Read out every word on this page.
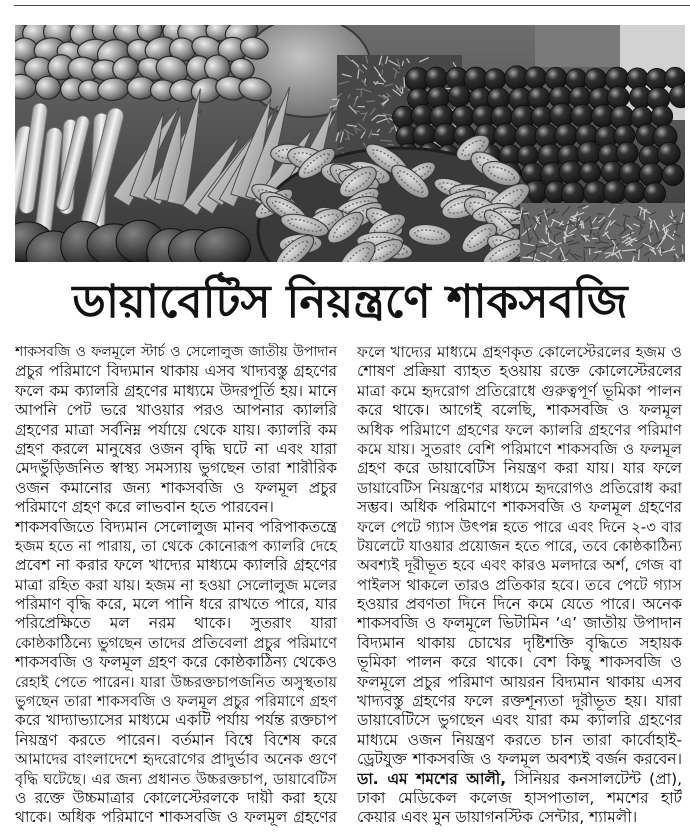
ডায়াবেটিস নিয়ন্ত্রণে শাকসবজি
শাকসবজি ও ফলমূলে স্টার্চ ও সেলোলুজ জাতীয় উপাদান
প্রচুর পরিমাণে বিদ্যমান থাকায় এসব খাদ্যবস্তু গ্রহণের
ফলে কম ক্যালরি গ্রহণের মাধ্যমে উদরপূর্তি হয়। মানে
আপনি পেট ভরে খাওয়ার পরও আপনার ক্যালরি
গ্রহণের মাত্রা সর্বনিম্ন পর্যায়ে থেকে যায়। ক্যালরি কম
গ্রহণ করলে মানুষের ওজন বৃদ্ধি ঘটে না এবং যারা
মেদভুঁড়িজনিত স্বাস্থ্য সমস্যায় ভুগছেন তারা শারীরিক
ওজন কমানোর জন্য শাকসবজি ও ফলমূল প্রচুর
পরিমাণে গ্রহণ করে লাভবান হতে পারবেন।
শাকসবজিতে বিদ্যমান সেলোলুজ মানব পরিপাকতন্ত্রে
হজম হতে না পারায়, তা থেকে কোনোরূপ ক্যালরি দেহে
প্রবেশ না করার ফলে খাদ্যের মাধ্যমে ক্যালরি গ্রহণের
মাত্রা রহিত করা যায়। হজম না হওয়া সেলোলুজ মলের
পরিমাণ বৃদ্ধি করে, মলে পানি ধরে রাখতে পারে, যার
পরিপ্রেক্ষিতে মল নরম থাকে। সুতরাং যারা
কোষ্ঠকাঠিন্যে ভুগছেন তাদের প্রতিবেলা প্রচুর পরিমাণে
শাকসবজি ও ফলমূল গ্রহণ করে কোষ্ঠকাঠিন্য থেকেও
রেহাই পেতে পারেন। যারা উচ্চরক্তচাপজনিত অসুস্থতায়
ভুগছেন তারা শাকসবজি ও ফলমূল প্রচুর পরিমাণে গ্রহণ
করে খাদ্যাভ্যাসের মাধ্যমে একটি পর্যায় পর্যন্ত রক্তচাপ
নিয়ন্ত্রণ করতে পারেন। বর্তমান বিশ্বে বিশেষ করে
আমাদের বাংলাদেশে হৃদরোগের প্রাদুর্ভাব অনেক গুণে
বৃদ্ধি ঘটেছে। এর জন্য প্রধানত উচ্চরক্তচাপ, ডায়াবেটিস
ও রক্তে উচ্চমাত্রার কোলেস্টেরলকে দায়ী করা হয়ে
থাকে। অধিক পরিমাণে শাকসবজি ও ফলমূল গ্রহণের
ফলে খাদ্যের মাধ্যমে গ্রহণকৃত কোলেস্টেরলের হজম ও
শোষণ প্রক্রিয়া ব্যাহত হওয়ায় রক্তে কোলেস্টেরলের
মাত্রা কমে হৃদরোগ প্রতিরোধে গুরুত্বপূর্ণ ভূমিকা পালন
করে থাকে। আগেই বলেছি, শাকসবজি ও ফলমূল
অধিক পরিমাণে গ্রহণের ফলে ক্যালরি গ্রহণের পরিমাণ
কমে যায়। সুতরাং বেশি পরিমাণে শাকসবজি ও ফলমূল
গ্রহণ করে ডায়াবেটিস নিয়ন্ত্রণ করা যায়। যার ফলে
ডায়াবেটিস নিয়ন্ত্রণের মাধ্যমে হৃদরোগও প্রতিরোধ করা
সম্ভব। অধিক পরিমাণে শাকসবজি ও ফলমূল গ্রহণের
ফলে পেটে গ্যাস উৎপন্ন হতে পারে এবং দিনে ২-৩ বার
টয়লেটে যাওয়ার প্রয়োজন হতে পারে, তবে কোষ্ঠকাঠিন্য
অবশ্যই দূরীভূত হবে এবং কারও মলদারে অর্শ, গেজ বা
পাইলস থাকলে তারও প্রতিকার হবে। তবে পেটে গ্যাস
হওয়ার প্রবণতা দিনে দিনে কমে যেতে পারে। অনেক
শাকসবজি ও ফলমূলে ভিটামিন ‘এ’ জাতীয় উপাদান
বিদ্যমান থাকায় চোখের দৃষ্টিশক্তি বৃদ্ধিতে সহায়ক
ভূমিকা পালন করে থাকে। বেশ কিছু শাকসবজি ও
ফলমূলে প্রচুর পরিমাণ আয়রন বিদ্যমান থাকায় এসব
খাদ্যবস্তু গ্রহণের ফলে রক্তশূন্যতা দূরীভূত হয়। যারা
ডায়াবেটিসে ভুগছেন এবং যারা কম ক্যালরি গ্রহণের
মাধ্যমে ওজন নিয়ন্ত্রণ করতে চান তারা কার্বোহাই-
ড্রেটযুক্ত শাকসবজি ও ফলমূল অবশ্যই বর্জন করবেন।
ডা. এম শমশের আলী, সিনিয়র কনসালটেন্ট (প্রা),
ঢাকা মেডিকেল কলেজ হাসপাতাল, শমশের হার্ট
কেয়ার এবং মুন ডায়াগনস্টিক সেন্টার, শ্যামলী।
